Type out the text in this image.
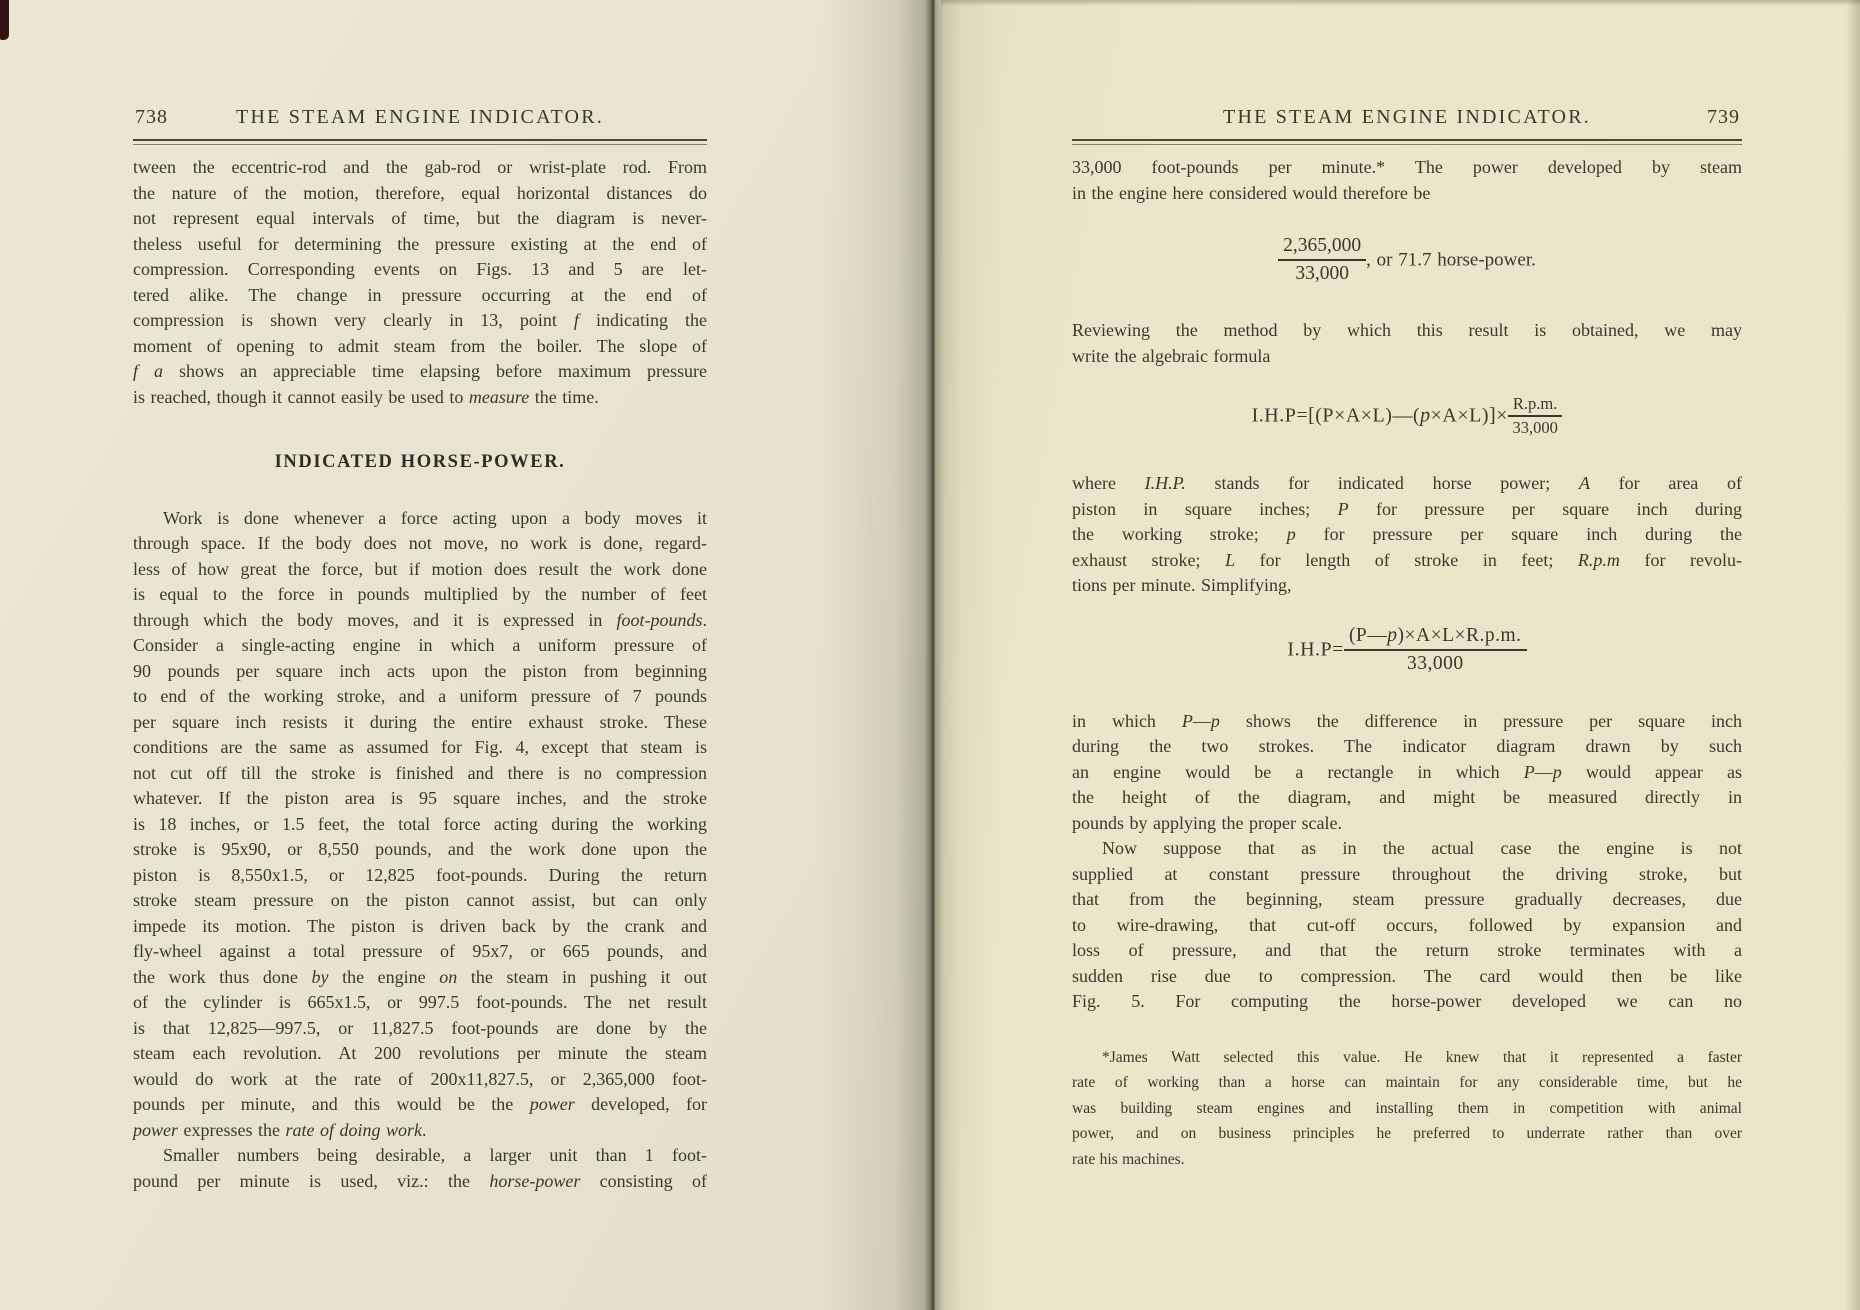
738	THE STEAM ENGINE INDICATOR.	THE STEAM ENGINE INDICATOR.	739
tween the eccentric-rod and the gab-rod or wrist-plate rod. From
the nature of the motion, therefore, equal horizontal distances do
not represent equal intervals of time, but the diagram is never-
theless useful for determining the pressure existing at the end of
compression. Corresponding events on Figs. 13 and 5 are let-
tered alike. The change in pressure occurring at the end of
compression is shown very clearly in 13, point f indicating the
moment of opening to admit steam from the boiler. The slope of
f a shows an appreciable time elapsing before maximum pressure
is reached, though it cannot easily be used to measure the time.
INDICATED HORSE-POWER.
Work is done whenever a force acting upon a body moves it
through space. If the body does not move, no work is done, regard-
less of how great the force, but if motion does result the work done
is equal to the force in pounds multiplied by the number of feet
through which the body moves, and it is expressed in foot-pounds.
Consider a single-acting engine in which a uniform pressure of
90 pounds per square inch acts upon the piston from beginning
to end of the working stroke, and a uniform pressure of 7 pounds
per square inch resists it during the entire exhaust stroke. These
conditions are the same as assumed for Fig. 4, except that steam is
not cut off till the stroke is finished and there is no compression
whatever. If the piston area is 95 square inches, and the stroke
is 18 inches, or 1.5 feet, the total force acting during the working
stroke is 95x90, or 8,550 pounds, and the work done upon the
piston is 8,550x1.5, or 12,825 foot-pounds. During the return
stroke steam pressure on the piston cannot assist, but can only
impede its motion. The piston is driven back by the crank and
fly-wheel against a total pressure of 95x7, or 665 pounds, and
the work thus done by the engine on the steam in pushing it out
of the cylinder is 665x1.5, or 997.5 foot-pounds. The net result
is that 12,825—997.5, or 11,827.5 foot-pounds are done by the
steam each revolution. At 200 revolutions per minute the steam
would do work at the rate of 200x11,827.5, or 2,365,000 foot-
pounds per minute, and this would be the power developed, for
power expresses the rate of doing work.
Smaller numbers being desirable, a larger unit than 1 foot-
pound per minute is used, viz.: the horse-power consisting of
33,000 foot-pounds per minute.* The power developed by steam
in the engine here considered would therefore be
$\frac{2,365,000}{33,000}$ , or 71.7 horse-power.
Reviewing the method by which this result is obtained, we may
write the algebraic formula
I.H.P=[(P×A×L)—(p×A×L)]× $\frac{R.p.m.}{33,000}$
where I.H.P. stands for indicated horse power; A for area of
piston in square inches; P for pressure per square inch during
the working stroke; p for pressure per square inch during the
exhaust stroke; L for length of stroke in feet; R.p.m for revolu-
tions per minute. Simplifying,
$I.H.P= \frac{(P—p)\times A\times L\times R.p.m.}{33,000}$
in which P—p shows the difference in pressure per square inch
during the two strokes. The indicator diagram drawn by such
an engine would be a rectangle in which P—p would appear as
the height of the diagram, and might be measured directly in
pounds by applying the proper scale.
Now suppose that as in the actual case the engine is not
supplied at constant pressure throughout the driving stroke, but
that from the beginning, steam pressure gradually decreases, due
to wire-drawing, that cut-off occurs, followed by expansion and
loss of pressure, and that the return stroke terminates with a
sudden rise due to compression. The card would then be like
Fig. 5. For computing the horse-power developed we can no
*James Watt selected this value. He knew that it represented a faster
rate of working than a horse can maintain for any considerable time, but he
was building steam engines and installing them in competition with animal
power, and on business principles he preferred to underrate rather than over
rate his machines.
